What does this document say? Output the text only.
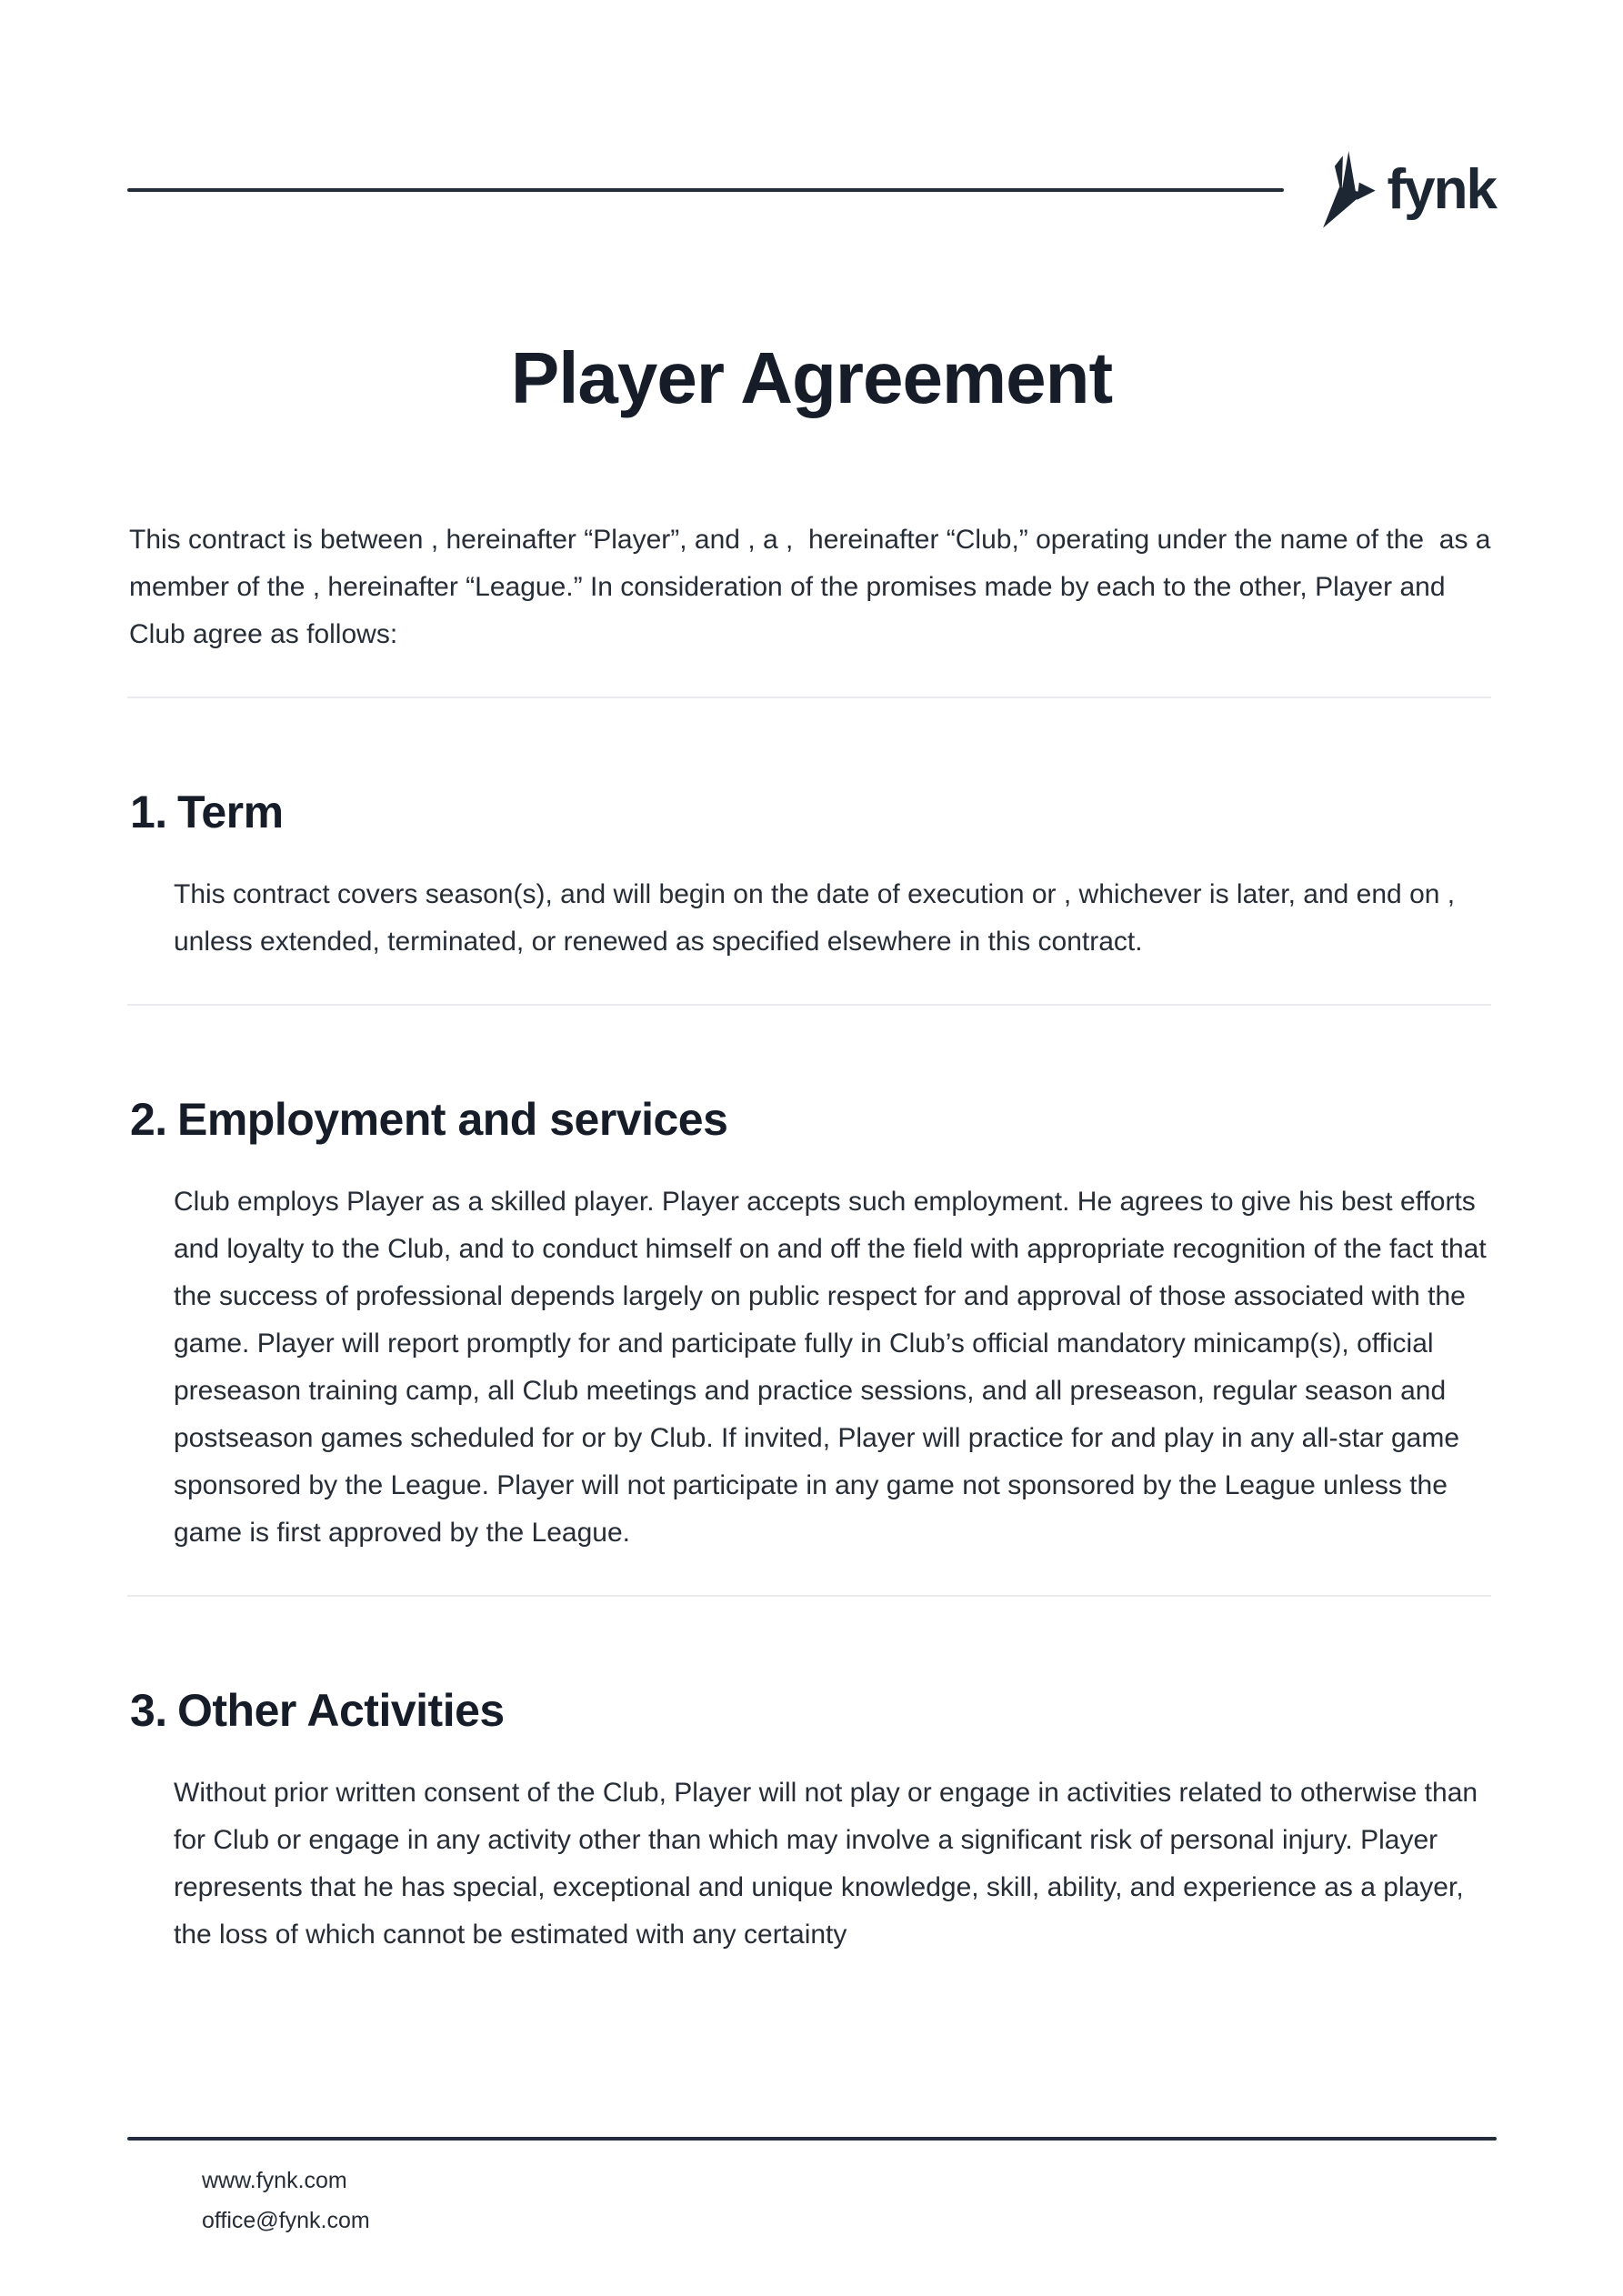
fynk
Player Agreement

This contract is between , hereinafter “Player”, and , a ,  hereinafter “Club,” operating under the name of the  as a member of the , hereinafter “League.” In consideration of the promises made by each to the other, Player and Club agree as follows:

1. Term

This contract covers season(s), and will begin on the date of execution or , whichever is later, and end on , unless extended, terminated, or renewed as specified elsewhere in this contract.

2. Employment and services

Club employs Player as a skilled player. Player accepts such employment. He agrees to give his best efforts and loyalty to the Club, and to conduct himself on and off the field with appropriate recognition of the fact that the success of professional depends largely on public respect for and approval of those associated with the game. Player will report promptly for and participate fully in Club’s official mandatory minicamp(s), official preseason training camp, all Club meetings and practice sessions, and all preseason, regular season and postseason games scheduled for or by Club. If invited, Player will practice for and play in any all-star game sponsored by the League. Player will not participate in any game not sponsored by the League unless the game is first approved by the League.

3. Other Activities

Without prior written consent of the Club, Player will not play or engage in activities related to otherwise than for Club or engage in any activity other than which may involve a significant risk of personal injury. Player represents that he has special, exceptional and unique knowledge, skill, ability, and experience as a player, the loss of which cannot be estimated with any certainty

www.fynk.com
office@fynk.com
